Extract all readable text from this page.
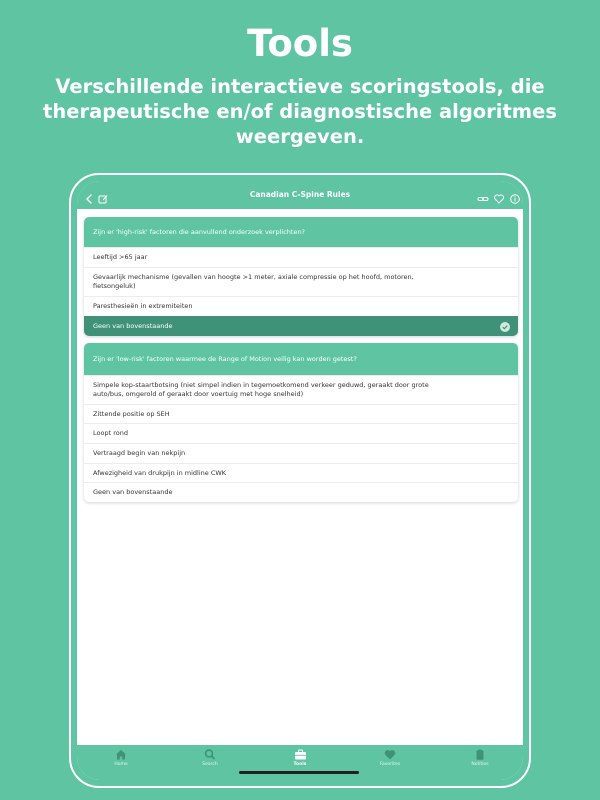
Tools
Verschillende interactieve scoringstools, die therapeutische en/of diagnostische algoritmes weergeven.
Canadian C-Spine Rules
Zijn er 'high-risk' factoren die aanvullend onderzoek verplichten?
Leeftijd >65 jaar
Gevaarlijk mechanisme (gevallen van hoogte >1 meter, axiale compressie op het hoofd, motoren, fietsongeluk)
Paresthesieën in extremiteiten
Geen van bovenstaande
Zijn er 'low-risk' factoren waarmee de Range of Motion veilig kan worden getest?
Simpele kop-staartbotsing (niet simpel indien in tegemoetkomend verkeer geduwd, geraakt door grote auto/bus, omgerold of geraakt door voertuig met hoge snelheid)
Zittende positie op SEH
Loopt rond
Vertraagd begin van nekpijn
Afwezigheid van drukpijn in midline CWK
Geen van bovenstaande
Home	Search	Tools	Favorites	Notities
